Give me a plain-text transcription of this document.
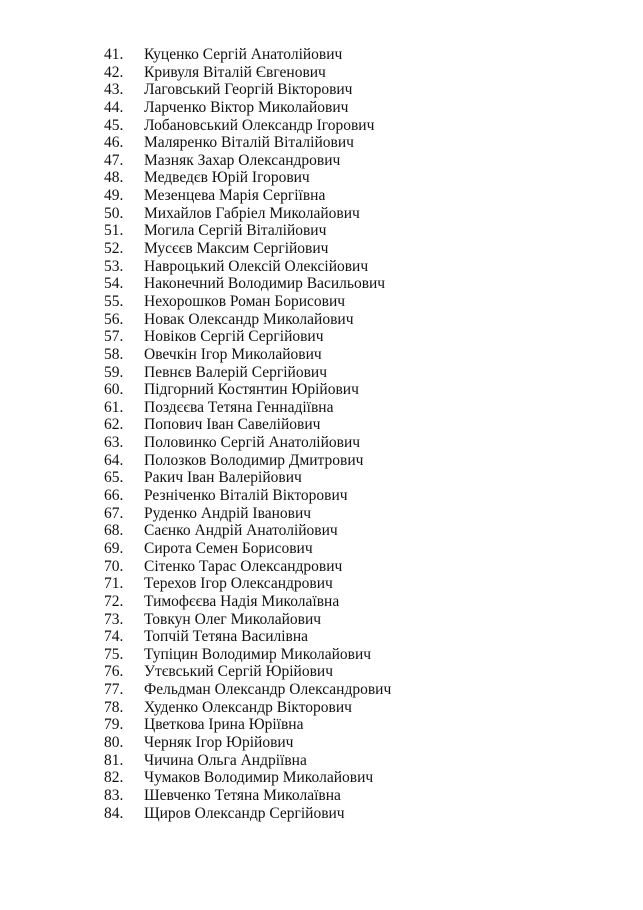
41.	Куценко Сергій Анатолійович
42.	Кривуля Віталій Євгенович
43.	Лаговський Георгій Вікторович
44.	Ларченко Віктор Миколайович
45.	Лобановський Олександр Ігорович
46.	Маляренко Віталій Віталійович
47.	Мазняк Захар Олександрович
48.	Медведєв Юрій Ігорович
49.	Мезенцева Марія Сергіївна
50.	Михайлов Габріел Миколайович
51.	Могила Сергій Віталійович
52.	Мусєєв Максим Сергійович
53.	Навроцький Олексій Олексійович
54.	Наконечний Володимир Васильович
55.	Нехорошков Роман Борисович
56.	Новак Олександр Миколайович
57.	Новіков Сергій Сергійович
58.	Овечкін Ігор Миколайович
59.	Певнєв Валерій Сергійович
60.	Підгорний Костянтин Юрійович
61.	Поздєєва Тетяна Геннадіївна
62.	Попович Іван Савелійович
63.	Половинко Сергій Анатолійович
64.	Полозков Володимир Дмитрович
65.	Ракич Іван Валерійович
66.	Резніченко Віталій Вікторович
67.	Руденко Андрій Іванович
68.	Саєнко Андрій Анатолійович
69.	Сирота Семен Борисович
70.	Сітенко Тарас Олександрович
71.	Терехов Ігор Олександрович
72.	Тимофєєва Надія Миколаївна
73.	Товкун Олег Миколайович
74.	Топчій Тетяна Василівна
75.	Тупіцин Володимир Миколайович
76.	Утєвський Сергій Юрійович
77.	Фельдман Олександр Олександрович
78.	Худенко Олександр Вікторович
79.	Цветкова Ірина Юріївна
80.	Черняк Ігор Юрійович
81.	Чичина Ольга Андріївна
82.	Чумаков Володимир Миколайович
83.	Шевченко Тетяна Миколаївна
84.	Щиров Олександр Сергійович
